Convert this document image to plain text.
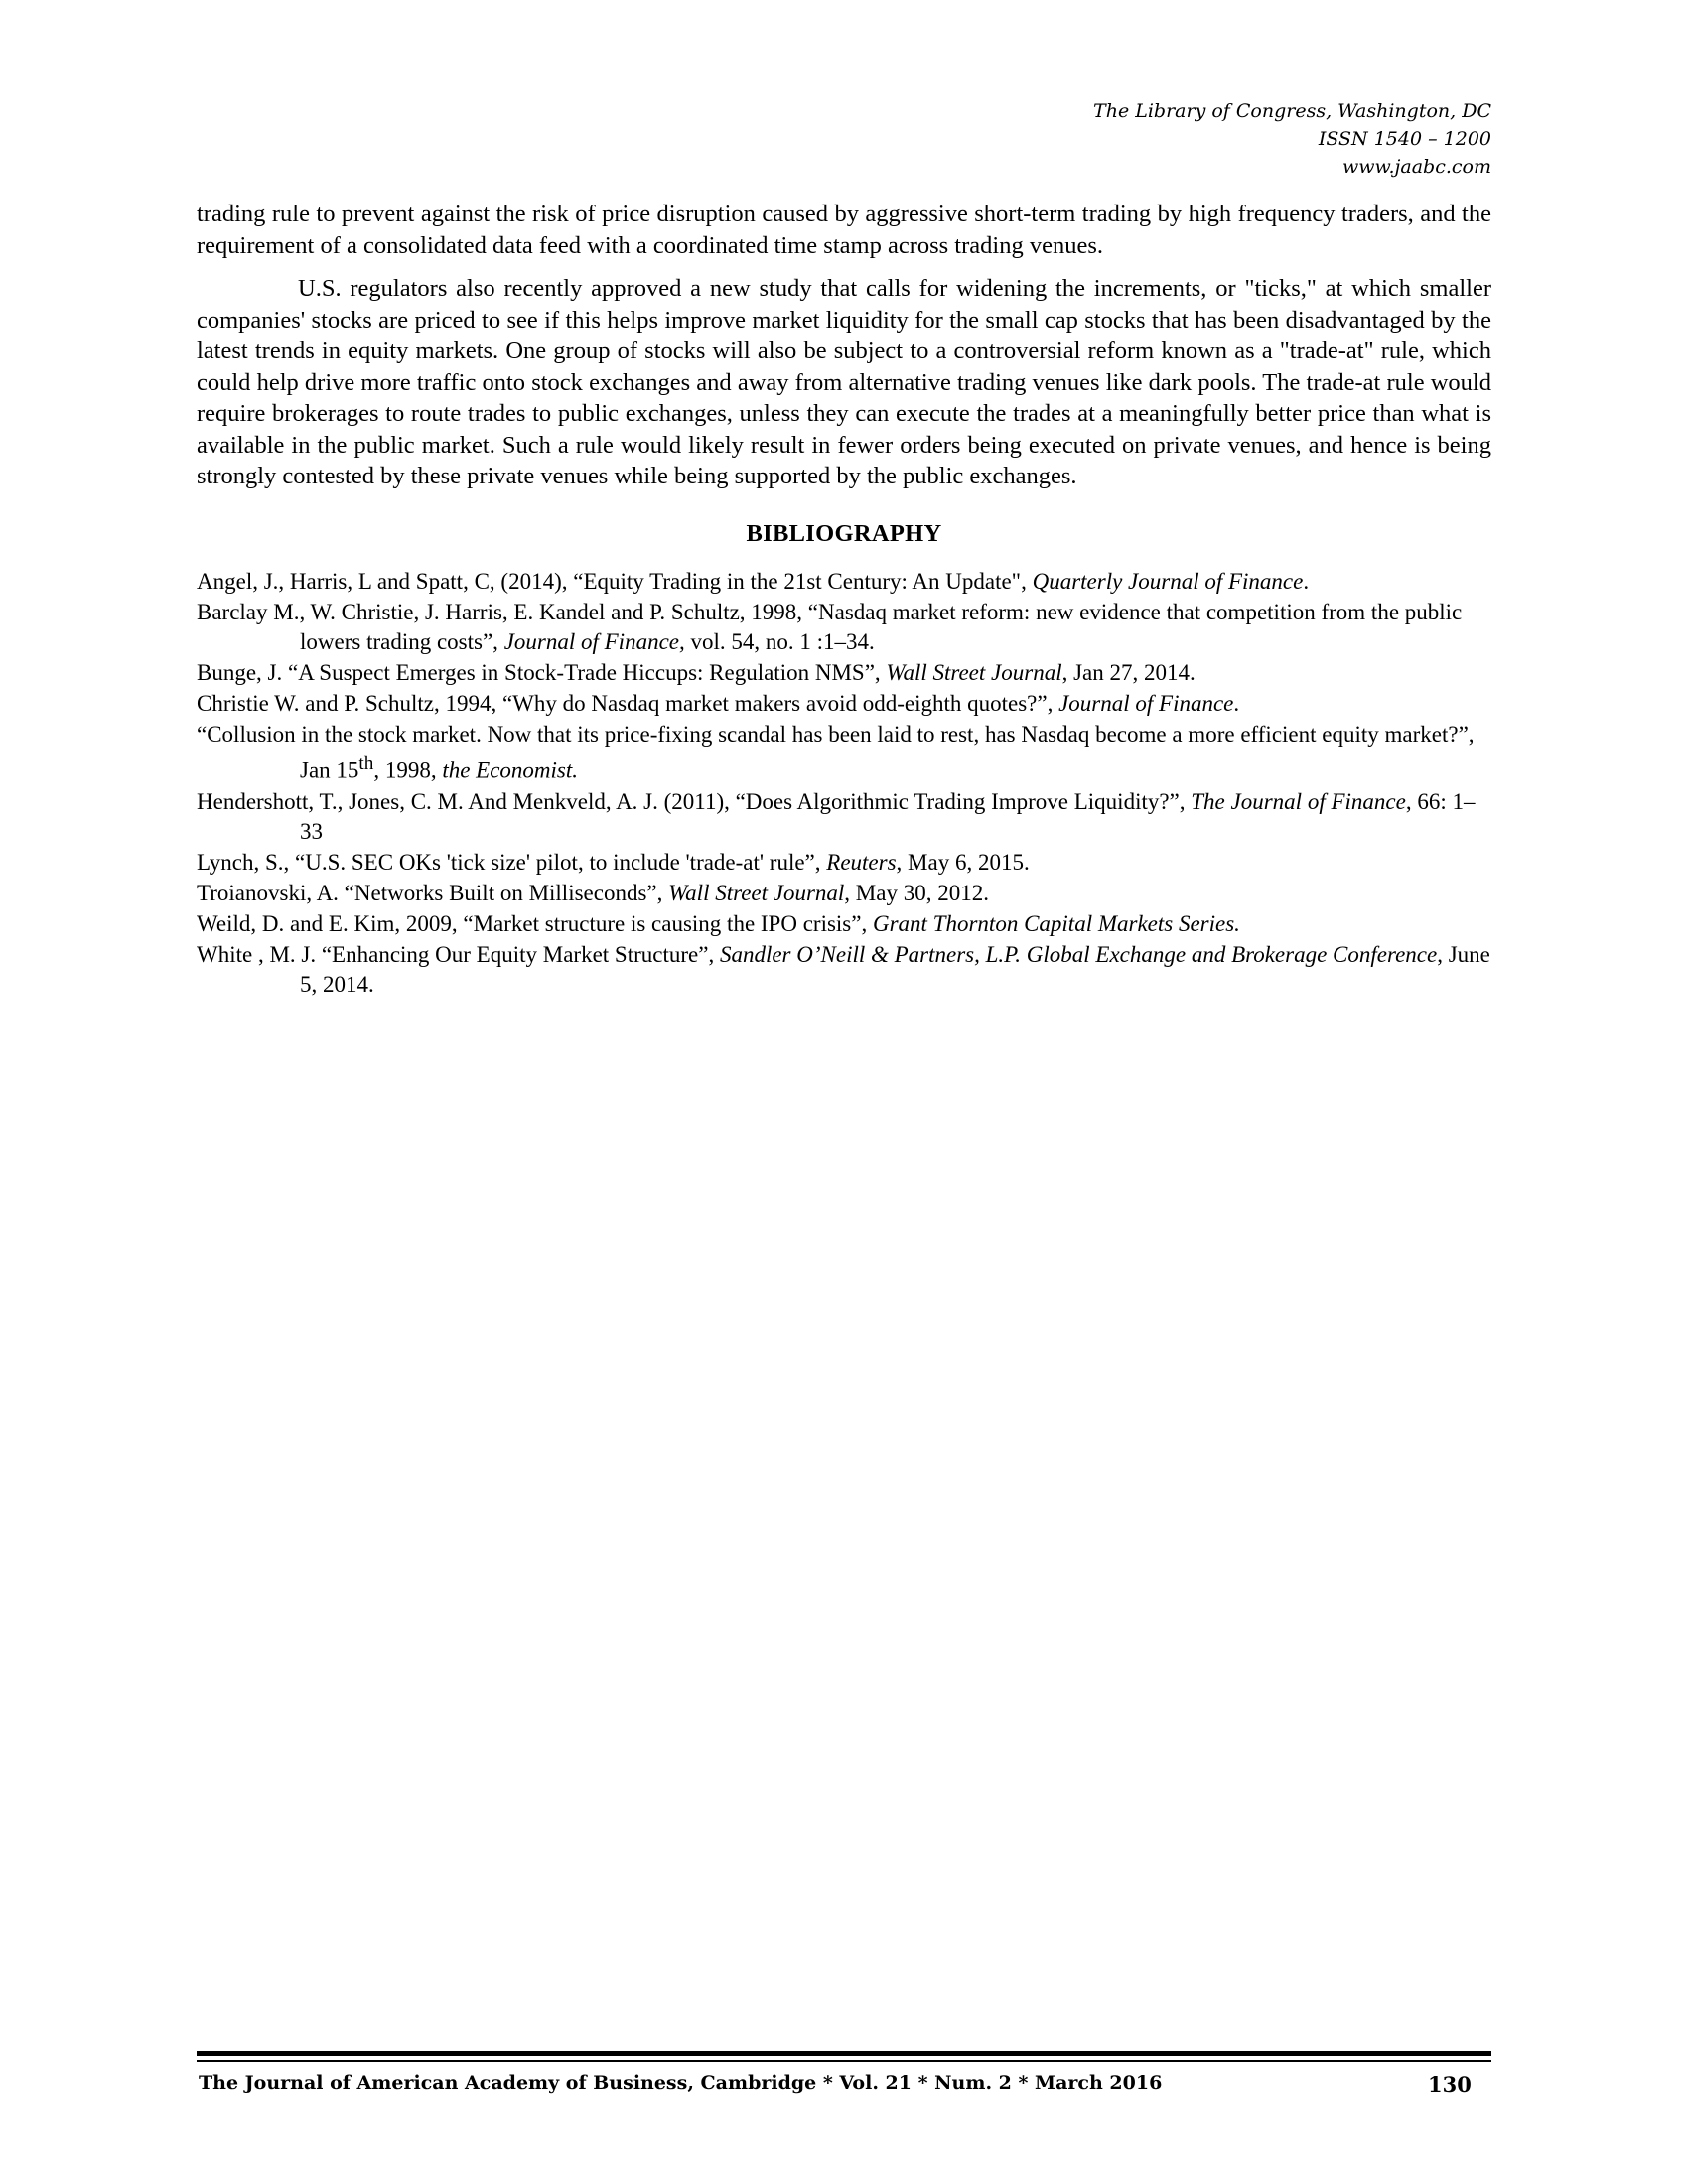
The Library of Congress, Washington, DC
ISSN 1540 – 1200
www.jaabc.com

trading rule to prevent against the risk of price disruption caused by aggressive short-term trading by high frequency traders, and the requirement of a consolidated data feed with a coordinated time stamp across trading venues.

U.S. regulators also recently approved a new study that calls for widening the increments, or "ticks," at which smaller companies' stocks are priced to see if this helps improve market liquidity for the small cap stocks that has been disadvantaged by the latest trends in equity markets. One group of stocks will also be subject to a controversial reform known as a "trade-at" rule, which could help drive more traffic onto stock exchanges and away from alternative trading venues like dark pools. The trade-at rule would require brokerages to route trades to public exchanges, unless they can execute the trades at a meaningfully better price than what is available in the public market. Such a rule would likely result in fewer orders being executed on private venues, and hence is being strongly contested by these private venues while being supported by the public exchanges.

BIBLIOGRAPHY
Angel, J., Harris, L and Spatt, C, (2014), “Equity Trading in the 21st Century: An Update", Quarterly Journal of Finance.
Barclay M., W. Christie, J. Harris, E. Kandel and P. Schultz, 1998, “Nasdaq market reform: new evidence that competition from the public lowers trading costs”, Journal of Finance, vol. 54, no. 1 :1–34.
Bunge, J. “A Suspect Emerges in Stock-Trade Hiccups: Regulation NMS”, Wall Street Journal, Jan 27, 2014.
Christie W. and P. Schultz, 1994, “Why do Nasdaq market makers avoid odd-eighth quotes?”, Journal of Finance.
“Collusion in the stock market. Now that its price-fixing scandal has been laid to rest, has Nasdaq become a more efficient equity market?”, Jan 15th, 1998, the Economist.
Hendershott, T., Jones, C. M. And Menkveld, A. J. (2011), “Does Algorithmic Trading Improve Liquidity?”, The Journal of Finance, 66: 1–33
Lynch, S., “U.S. SEC OKs 'tick size' pilot, to include 'trade-at' rule”, Reuters, May 6, 2015.
Troianovski, A. “Networks Built on Milliseconds”, Wall Street Journal, May 30, 2012.
Weild, D. and E. Kim, 2009, “Market structure is causing the IPO crisis”, Grant Thornton Capital Markets Series.
White , M. J. “Enhancing Our Equity Market Structure”, Sandler O’Neill & Partners, L.P. Global Exchange and Brokerage Conference, June 5, 2014.
The Journal of American Academy of Business, Cambridge * Vol. 21 * Num. 2 * March 2016	130
